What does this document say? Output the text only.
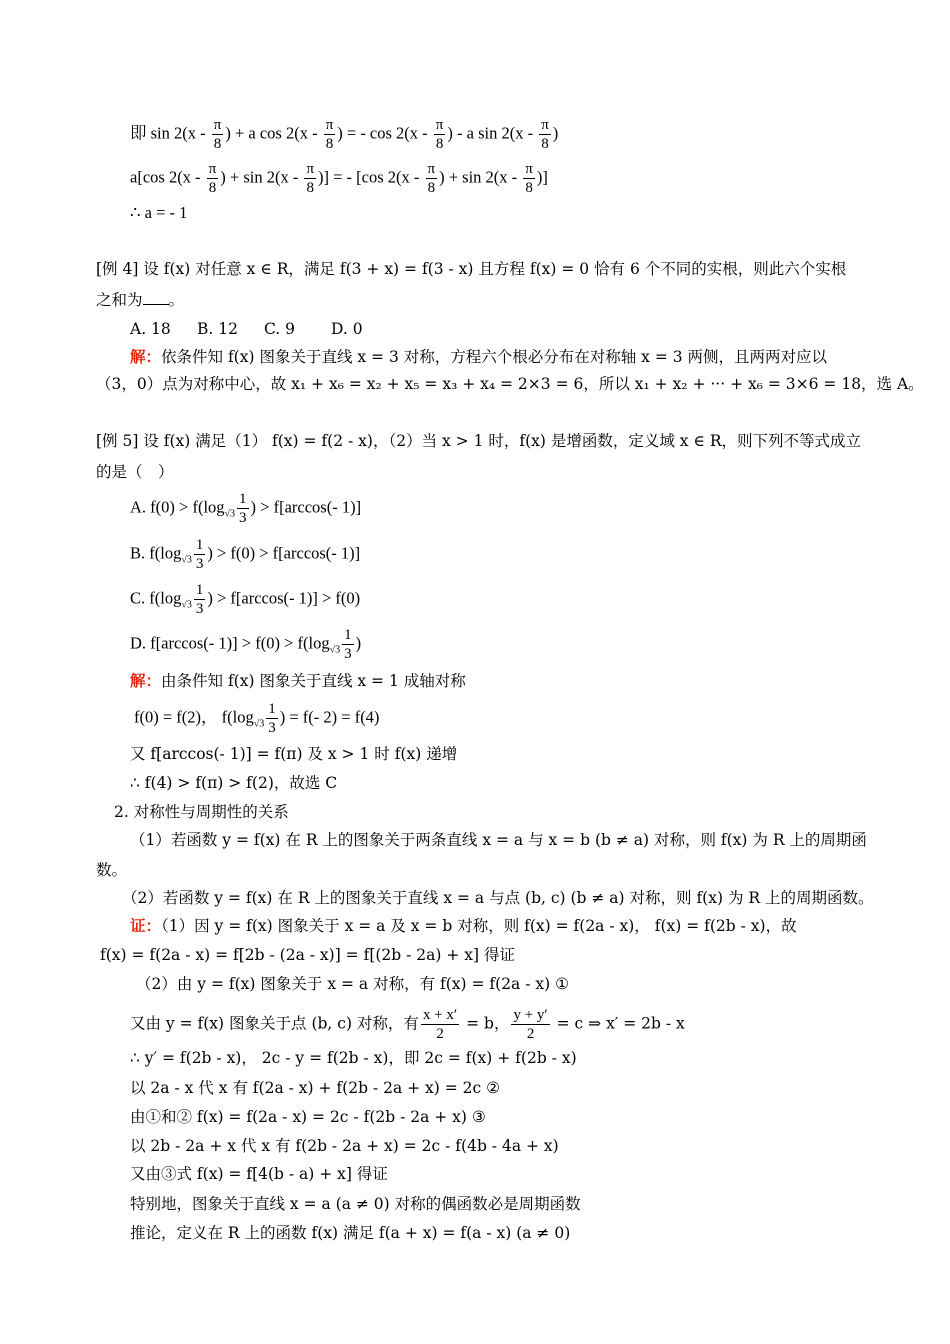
即 $\sin 2(x - \frac{\pi}{8}$ ) + a $\cos 2(x - \frac{\pi}{8}$ ) = - $\cos 2(x - \frac{\pi}{8}$ ) - a $\sin 2(x - \frac{\pi}{8}$ )
a[cos $2(x - \frac{\pi}{8}$ ) + $\sin 2(x - \frac{\pi}{8}$ )] = - [cos $2(x - \frac{\pi}{8}$ ) + $\sin 2(x - \frac{\pi}{8}$ )]
∴ a = - 1
[例 4] 设 f(x) 对任意 x ∈ R，满足 f(3 + x) = f(3 - x) 且方程 f(x) = 0 恰有 6 个不同的实根，则此六个实根
之和为 。
A. 18 B. 12 C. 9 D. 0
解：依条件知 f(x) 图象关于直线 x = 3 对称，方程六个根必分布在对称轴 x = 3 两侧，且两两对应以
（3，0）点为对称中心，故 x₁ + x₆ = x₂ + x₅ = x₃ + x₄ = 2×3 = 6，所以 x₁ + x₂ + ··· + x₆ = 3×6 = 18，选 A。
[例 5] 设 f(x) 满足（1） f(x) = f(2 - x)，（2）当 x > 1 时，f(x) 是增函数，定义域 x ∈ R，则下列不等式成立
的是（　）
A. $f(0) > f(\log_{√3} \frac{1}{3}$ ) > f[arccos(- 1)]
B. $f(\log_{√3} \frac{1}{3}$ ) > f(0) > f[arccos(- 1)]
C. $f(\log_{√3} \frac{1}{3}$ ) > f[arccos(- 1)] > f(0)
D. f[arccos(- $1)] > f(0) > f(\log_{√3} \frac{1}{3}$ )
解：由条件知 f(x) 图象关于直线 x = 1 成轴对称
f(0) = f(2)， $f(\log_{√3} \frac{1}{3}$ ) = f(- 2) = f(4)
又 f[arccos(- 1)] = f(π) 及 x > 1 时 f(x) 递增
∴ f(4) > f(π) > f(2)，故选 C
2. 对称性与周期性的关系
（1）若函数 y = f(x) 在 R 上的图象关于两条直线 x = a 与 x = b (b ≠ a) 对称，则 f(x) 为 R 上的周期函
数。
（2）若函数 y = f(x) 在 R 上的图象关于直线 x = a 与点 (b, c) (b ≠ a) 对称，则 f(x) 为 R 上的周期函数。
证：（1）因 y = f(x) 图象关于 x = a 及 x = b 对称，则 f(x) = f(2a - x)， f(x) = f(2b - x)，故
f(x) = f(2a - x) = f[2b - (2a - x)] = f[(2b - 2a) + x] 得证
（2）由 y = f(x) 图象关于 x = a 对称，有 f(x) = f(2a - x) ①
又由 y = f(x) 图象关于点 (b, c) 对称，有 $\frac{x + x'}{2} = b$， $\frac{y + y'}{2} = c$ ⇒ x′ = 2b - x
∴ y′ = f(2b - x)， 2c - y = f(2b - x)，即 2c = f(x) + f(2b - x)
以 2a - x 代 x 有 f(2a - x) + f(2b - 2a + x) = 2c ②
由①和② f(x) = f(2a - x) = 2c - f(2b - 2a + x) ③
以 2b - 2a + x 代 x 有 f(2b - 2a + x) = 2c - f(4b - 4a + x)
又由③式 f(x) = f[4(b - a) + x] 得证
特别地，图象关于直线 x = a (a ≠ 0) 对称的偶函数必是周期函数
推论，定义在 R 上的函数 f(x) 满足 f(a + x) = f(a - x) (a ≠ 0)
